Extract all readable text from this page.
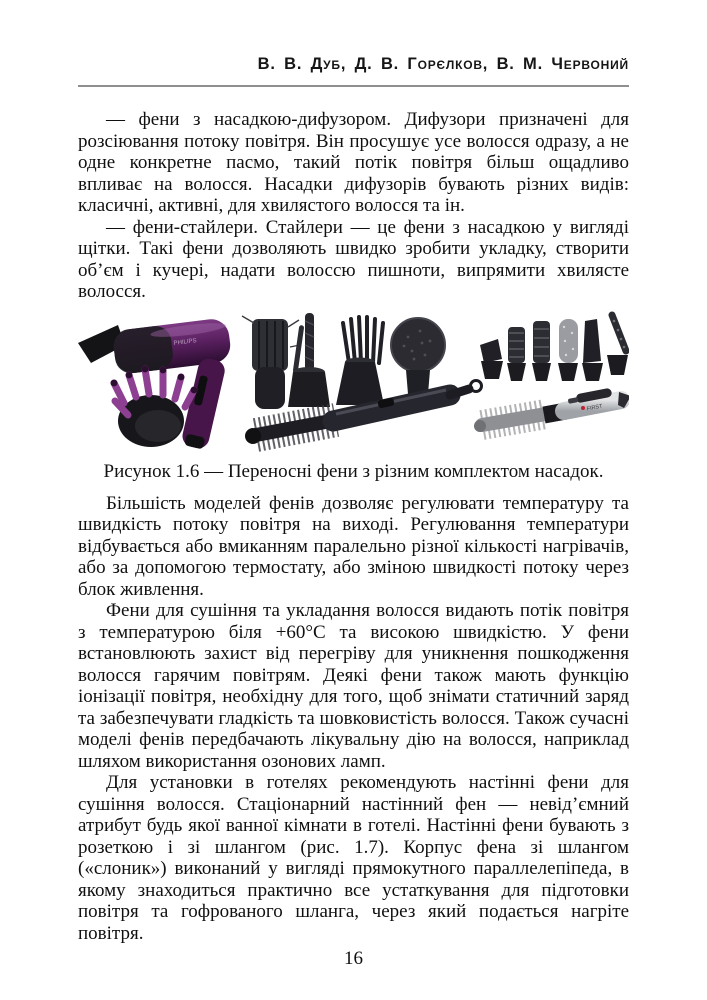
В. В. Дуб, Д. В. Горєлков, В. М. Червоний

— фени з насадкою-дифузором. Дифузори призначені для розсіювання потоку повітря. Він просушує усе волосся одразу, а не одне конкретне пасмо, такий потік повітря більш ощадливо впливає на волосся. Насадки дифузорів бувають різних видів: класичні, активні, для хвилястого волосся та ін.

— фени-стайлери. Стайлери — це фени з насадкою у вигляді щітки. Такі фени дозволяють швидко зробити укладку, створити об’єм і кучері, надати волоссю пишноти, випрямити хвилясте волосся.

PHILIPS
FIRST
Рисунок 1.6 — Переносні фени з різним комплектом насадок.

Більшість моделей фенів дозволяє регулювати температуру та швидкість потоку повітря на виході. Регулювання температури відбувається або вмиканням паралельно різної кількості нагрівачів, або за допомогою термостату, або зміною швидкості потоку через блок живлення.

Фени для сушіння та укладання волосся видають потік повітря з температурою біля +60°С та високою швидкістю. У фени встановлюють захист від перегріву для уникнення пошкодження волосся гарячим повітрям. Деякі фени також мають функцію іонізації повітря, необхідну для того, щоб знімати статичний заряд та забезпечувати гладкість та шовковистість волосся. Також сучасні моделі фенів передбачають лікувальну дію на волосся, наприклад шляхом використання озонових ламп.

Для установки в готелях рекомендують настінні фени для сушіння волосся. Стаціонарний настінний фен — невід’ємний атрибут будь якої ванної кімнати в готелі. Настінні фени бувають з розеткою і зі шлангом (рис. 1.7). Корпус фена зі шлангом («слоник») виконаний у вигляді прямокутного параллелепіпеда, в якому знаходиться практично все устаткування для підготовки повітря та гофрованого шланга, через який подається нагріте повітря.

16
